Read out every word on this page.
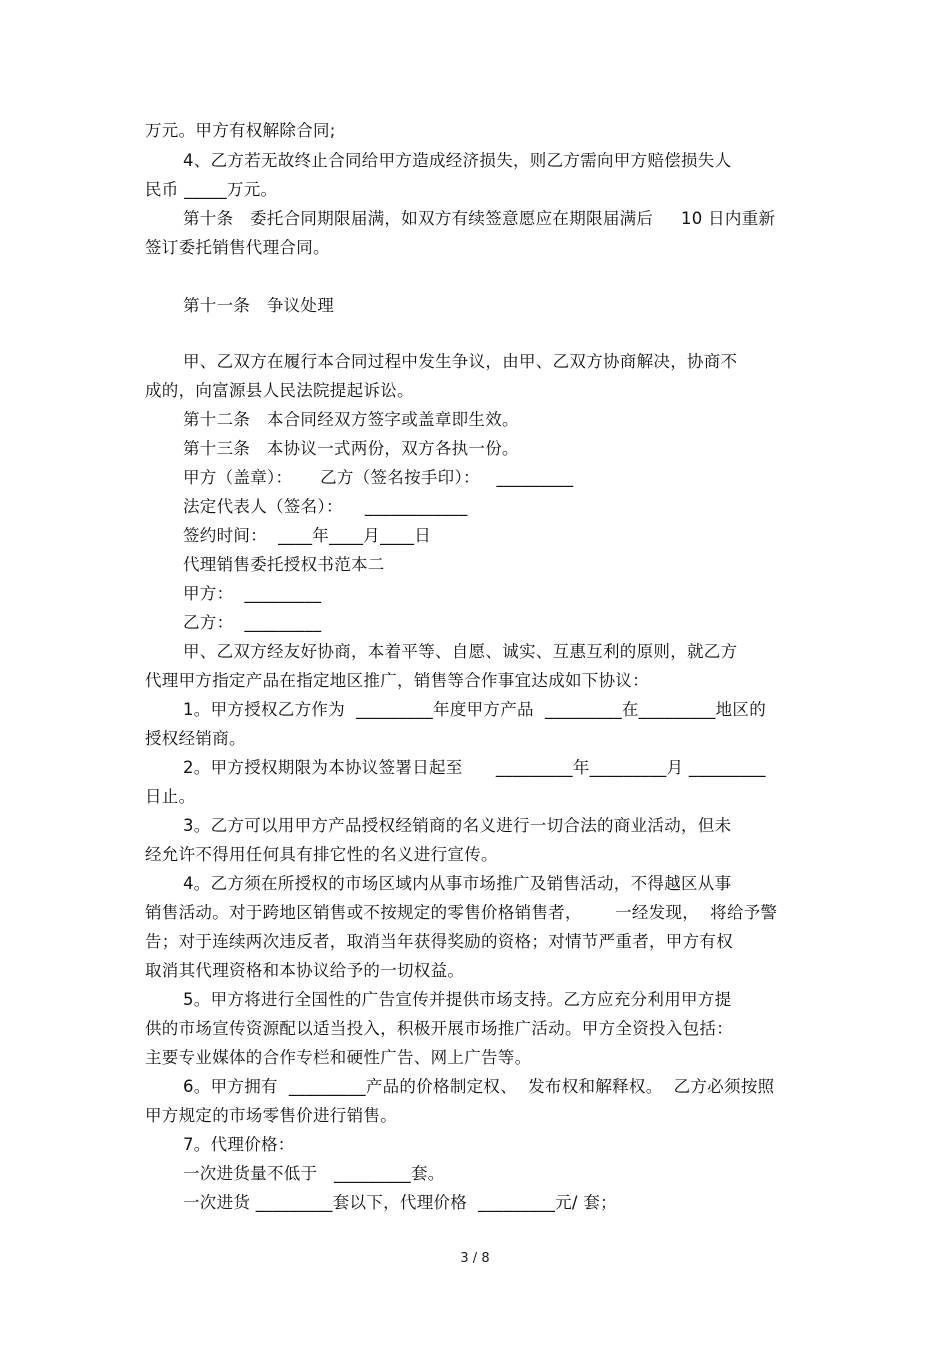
万元。甲方有权解除合同;
4、乙方若无故终止合同给甲方造成经济损失，则乙方需向甲方赔偿损失人
民币 _____万元。
第十条   委托合同期限届满，如双方有续签意愿应在期限届满后     10 日内重新
签订委托销售代理合同。
第十一条   争议处理
甲、乙双方在履行本合同过程中发生争议，由甲、乙双方协商解决，协商不
成的，向富源县人民法院提起诉讼。
第十二条   本合同经双方签字或盖章即生效。
第十三条   本协议一式两份，双方各执一份。
甲方（盖章）：     乙方（签名按手印）：   _________
法定代表人（签名）：    ____________
签约时间：  ____年____月____日
代理销售委托授权书范本二
甲方：  _________
乙方：  _________
甲、乙双方经友好协商，本着平等、自愿、诚实、互惠互利的原则，就乙方
代理甲方指定产品在指定地区推广，销售等合作事宜达成如下协议：
1。甲方授权乙方作为  _________年度甲方产品  _________在_________地区的
授权经销商。
2。甲方授权期限为本协议签署日起至      _________年_________月 _________
日止。
3。乙方可以用甲方产品授权经销商的名义进行一切合法的商业活动，但未
经允许不得用任何具有排它性的名义进行宣传。
4。乙方须在所授权的市场区域内从事市场推广及销售活动，不得越区从事
销售活动。对于跨地区销售或不按规定的零售价格销售者，      一经发现，  将给予警
告；对于连续两次违反者，取消当年获得奖励的资格；对情节严重者，甲方有权
取消其代理资格和本协议给予的一切权益。
5。甲方将进行全国性的广告宣传并提供市场支持。乙方应充分利用甲方提
供的市场宣传资源配以适当投入，积极开展市场推广活动。甲方全资投入包括：
主要专业媒体的合作专栏和硬性广告、网上广告等。
6。甲方拥有  _________产品的价格制定权、  发布权和解释权。  乙方必须按照
甲方规定的市场零售价进行销售。
7。代理价格：
一次进货量不低于   _________套。
一次进货 _________套以下，代理价格  _________元/ 套；
3 / 8
